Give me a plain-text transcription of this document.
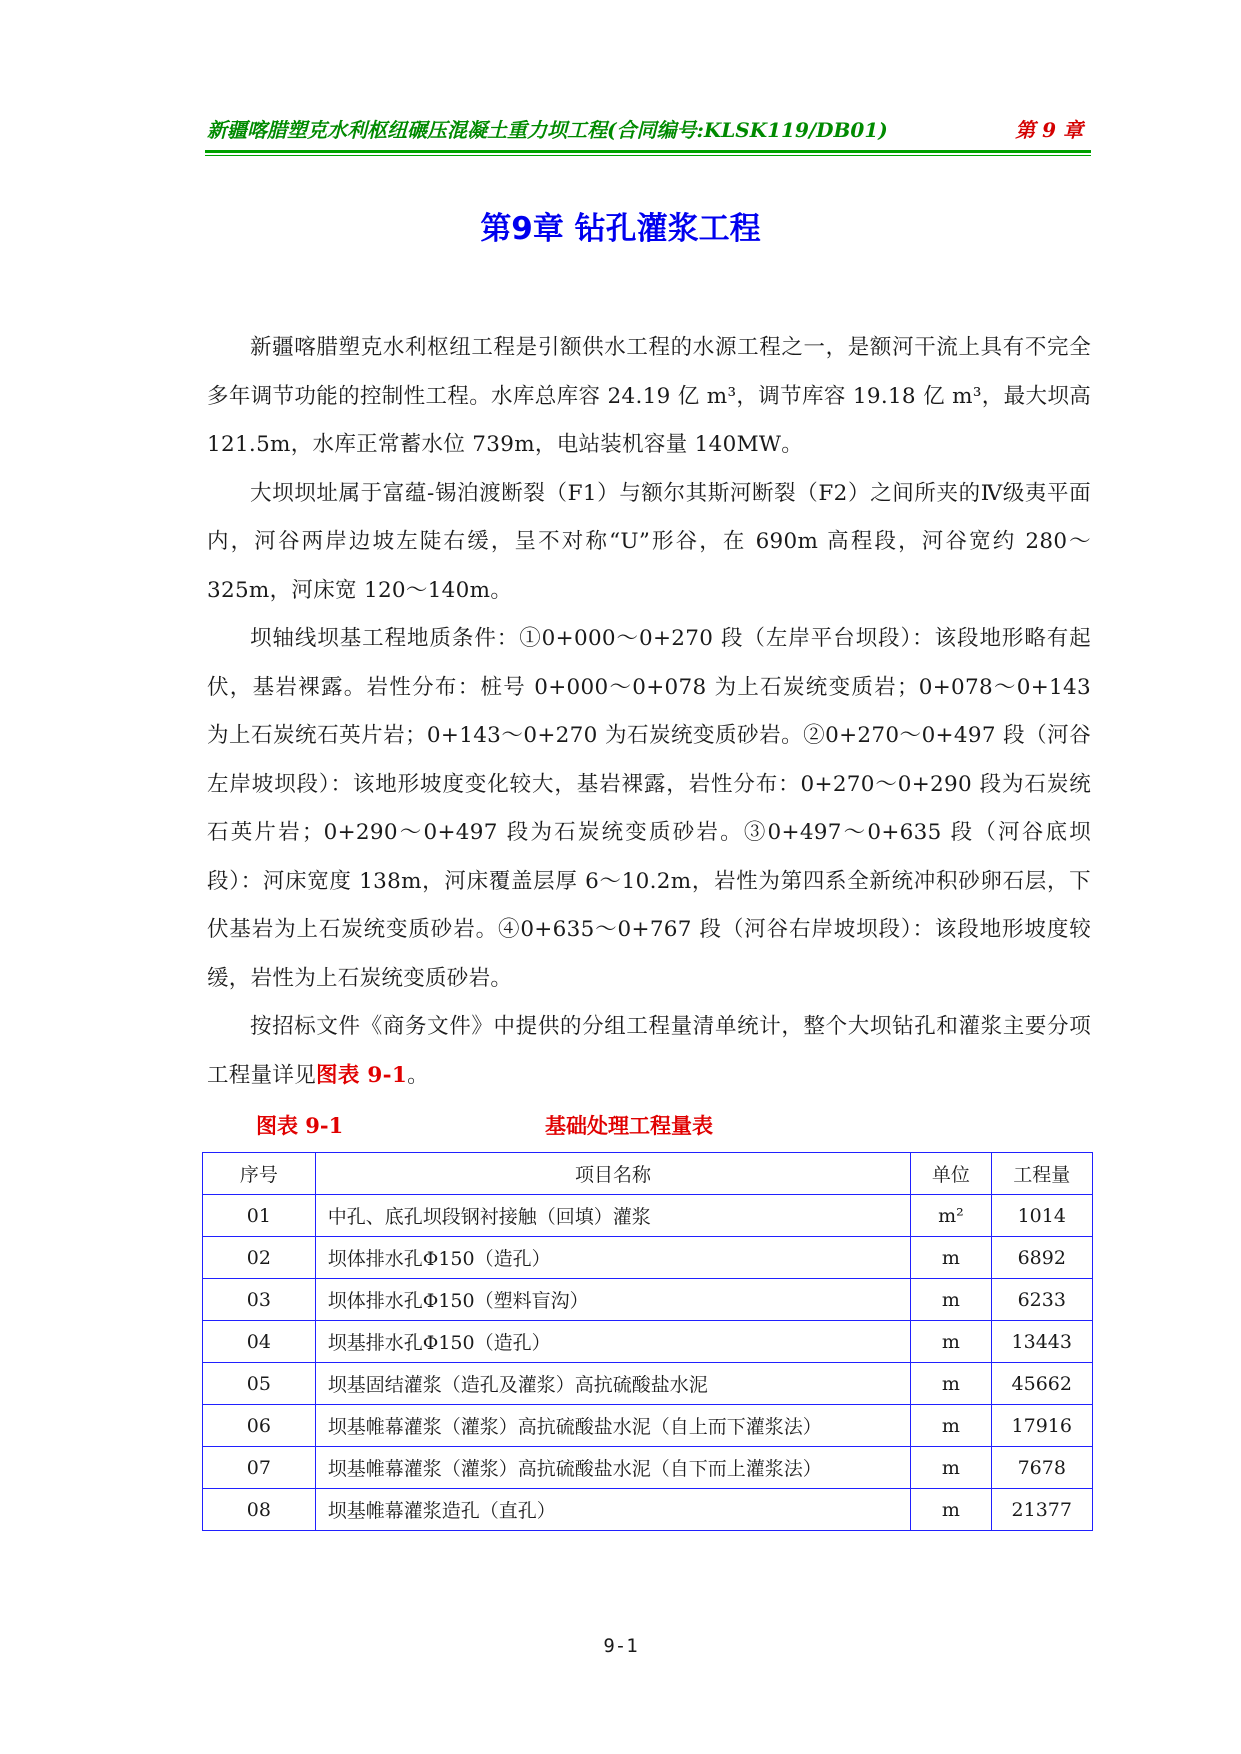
新疆喀腊塑克水利枢纽碾压混凝土重力坝工程(合同编号:KLSK119/DB01)	第 9 章
第9章 钻孔灌浆工程

新疆喀腊塑克水利枢纽工程是引额供水工程的水源工程之一，是额河干流上具有不完全多年调节功能的控制性工程。水库总库容 24.19 亿 m³，调节库容 19.18 亿 m³，最大坝高 121.5m，水库正常蓄水位 739m，电站装机容量 140MW。

大坝坝址属于富蕴-锡泊渡断裂（F1）与额尔其斯河断裂（F2）之间所夹的Ⅳ级夷平面内，河谷两岸边坡左陡右缓，呈不对称“U”形谷，在 690m 高程段，河谷宽约 280～325m，河床宽 120～140m。

坝轴线坝基工程地质条件：①0+000～0+270 段（左岸平台坝段）：该段地形略有起伏，基岩裸露。岩性分布：桩号 0+000～0+078 为上石炭统变质岩；0+078～0+143 为上石炭统石英片岩；0+143～0+270 为石炭统变质砂岩。②0+270～0+497 段（河谷左岸坡坝段）：该地形坡度变化较大，基岩裸露，岩性分布：0+270～0+290 段为石炭统石英片岩；0+290～0+497 段为石炭统变质砂岩。③0+497～0+635 段（河谷底坝段）：河床宽度 138m，河床覆盖层厚 6～10.2m，岩性为第四系全新统冲积砂卵石层，下伏基岩为上石炭统变质砂岩。④0+635～0+767 段（河谷右岸坡坝段）：该段地形坡度较缓，岩性为上石炭统变质砂岩。

按招标文件《商务文件》中提供的分组工程量清单统计，整个大坝钻孔和灌浆主要分项工程量详见图表 9-1。

图表 9-1	基础处理工程量表
序号	项目名称	单位	工程量
01	中孔、底孔坝段钢衬接触（回填）灌浆	m²	1014
02	坝体排水孔Φ150（造孔）	m	6892
03	坝体排水孔Φ150（塑料盲沟）	m	6233
04	坝基排水孔Φ150（造孔）	m	13443
05	坝基固结灌浆（造孔及灌浆）高抗硫酸盐水泥	m	45662
06	坝基帷幕灌浆（灌浆）高抗硫酸盐水泥（自上而下灌浆法）	m	17916
07	坝基帷幕灌浆（灌浆）高抗硫酸盐水泥（自下而上灌浆法）	m	7678
08	坝基帷幕灌浆造孔（直孔）	m	21377
9-1
